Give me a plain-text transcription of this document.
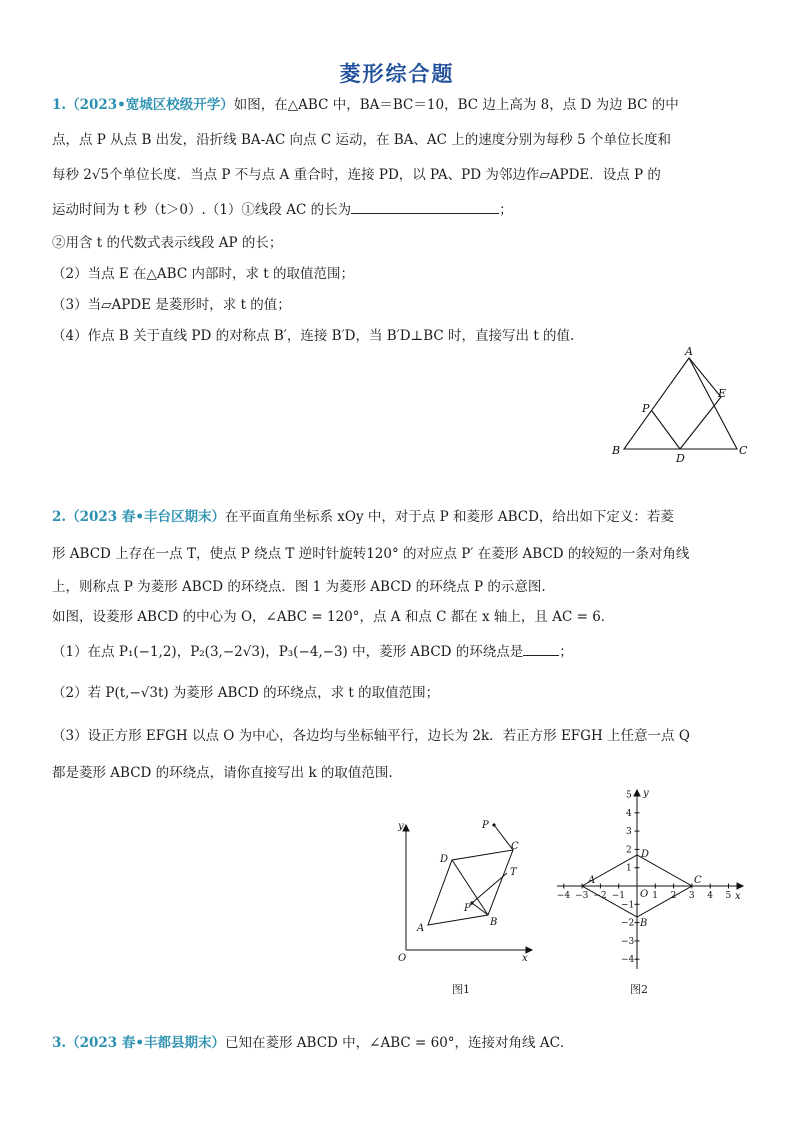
菱形综合题
1.（2023•宽城区校级开学）如图，在△ABC 中，BA＝BC＝10，BC 边上高为 8，点 D 为边 BC 的中
点，点 P 从点 B 出发，沿折线 BA-AC 向点 C 运动，在 BA、AC 上的速度分别为每秒 5 个单位长度和
每秒 2√5个单位长度．当点 P 不与点 A 重合时，连接 PD，以 PA、PD 为邻边作▱APDE．设点 P 的
运动时间为 t 秒（t＞0）.（1）①线段 AC 的长为	；
②用含 t 的代数式表示线段 AP 的长；
（2）当点 E 在△ABC 内部时，求 t 的取值范围；
（3）当▱APDE 是菱形时，求 t 的值；
（4）作点 B 关于直线 PD 的对称点 B′，连接 B′D，当 B′D⊥BC 时，直接写出 t 的值.
A
B	C
D
E
P
2.（2023 春•丰台区期末）在平面直角坐标系 xOy 中，对于点 P 和菱形 ABCD，给出如下定义：若菱
形 ABCD 上存在一点 T，使点 P 绕点 T 逆时针旋转120° 的对应点 P′ 在菱形 ABCD 的较短的一条对角线
上，则称点 P 为菱形 ABCD 的环绕点．图 1 为菱形 ABCD 的环绕点 P 的示意图.
如图，设菱形 ABCD 的中心为 O，∠ABC = 120°，点 A 和点 C 都在 x 轴上，且 AC = 6．
（1）在点 P₁(−1,2)，P₂(3,−2√3)，P₃(−4,−3) 中，菱形 ABCD 的环绕点是	；
（2）若 P(t,−√3t) 为菱形 ABCD 的环绕点，求 t 的取值范围；
（3）设正方形 EFGH 以点 O 为中心，各边均与坐标轴平行，边长为 2k．若正方形 EFGH 上任意一点 Q
都是菱形 ABCD 的环绕点，请你直接写出 k 的取值范围.
y
x
O
A
B
C
D
P
P′
T
图1
−4 −3 −2 −1	1 2 3 4 5
5
4
3
2
1
−1
−2
−3
−4
y
x
O
A
B
C
D
图2
3.（2023 春•丰都县期末）已知在菱形 ABCD 中，∠ABC = 60°，连接对角线 AC．
